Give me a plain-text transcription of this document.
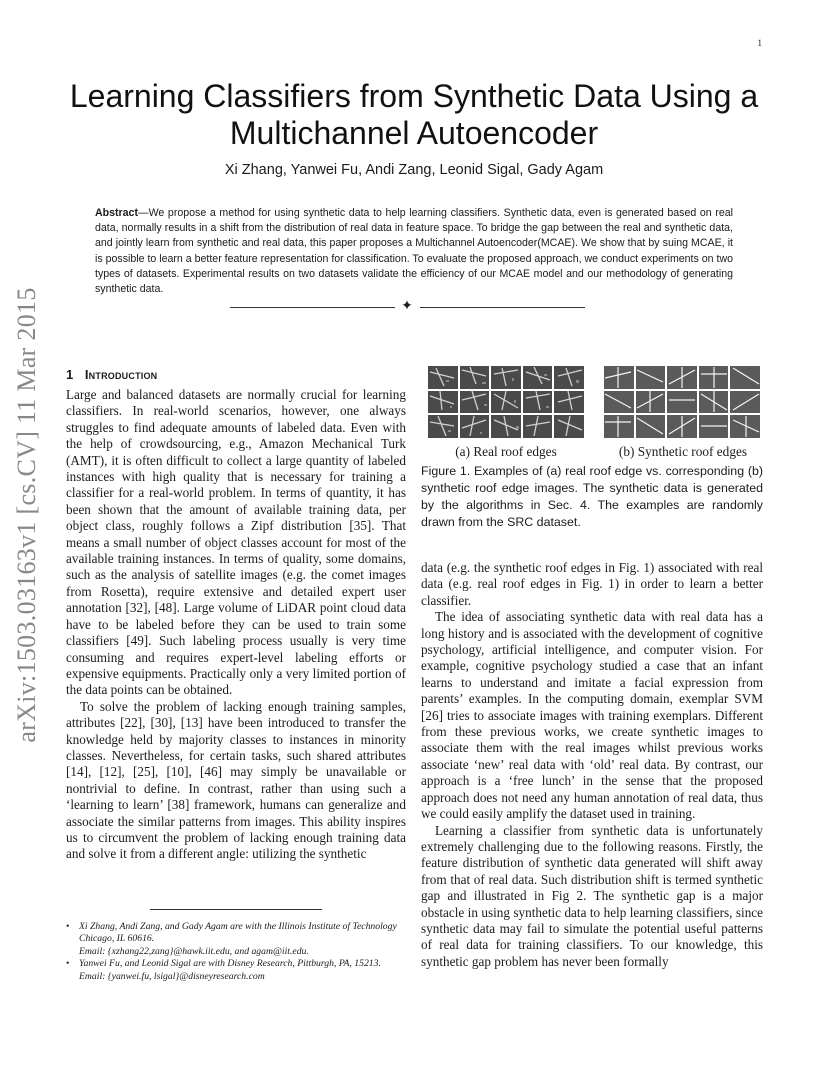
1
arXiv:1503.03163v1 [cs.CV] 11 Mar 2015
Learning Classifiers from Synthetic Data Using a
Multichannel Autoencoder
Xi Zhang, Yanwei Fu, Andi Zang, Leonid Sigal, Gady Agam
Abstract—We propose a method for using synthetic data to help learning classifiers. Synthetic data, even is generated based on real data, normally results in a shift from the distribution of real data in feature space. To bridge the gap between the real and synthetic data, and jointly learn from synthetic and real data, this paper proposes a Multichannel Autoencoder(MCAE). We show that by suing MCAE, it is possible to learn a better feature representation for classification. To evaluate the proposed approach, we conduct experiments on two types of datasets. Experimental results on two datasets validate the efficiency of our MCAE model and our methodology of generating synthetic data.
✦
1 Introduction

Large and balanced datasets are normally crucial for learning classifiers. In real-world scenarios, however, one always struggles to find adequate amounts of labeled data. Even with the help of crowdsourcing, e.g., Amazon Mechanical Turk (AMT), it is often difficult to collect a large quantity of labeled instances with high quality that is necessary for training a classifier for a real-world problem. In terms of quantity, it has been shown that the amount of available training data, per object class, roughly follows a Zipf distribution [35]. That means a small number of object classes account for most of the available training instances. In terms of quality, some domains, such as the analysis of satellite images (e.g. the comet images from Rosetta), require extensive and detailed expert user annotation [32], [48]. Large volume of LiDAR point cloud data have to be labeled before they can be used to train some classifiers [49]. Such labeling process usually is very time consuming and requires expert-level labeling efforts or expensive equipments. Practically only a very limited portion of the data points can be obtained.

To solve the problem of lacking enough training samples, attributes [22], [30], [13] have been introduced to transfer the knowledge held by majority classes to instances in minority classes. Nevertheless, for certain tasks, such shared attributes [14], [12], [25], [10], [46] may simply be unavailable or nontrivial to define. In contrast, rather than using such a ‘learning to learn’ [38] framework, humans can generalize and associate the similar patterns from images. This ability inspires us to circumvent the problem of lacking enough training data and solve it from a different angle: utilizing the synthetic

(a) Real roof edges	(b) Synthetic roof edges
Figure 1. Examples of (a) real roof edge vs. corresponding (b) synthetic roof edge images. The synthetic data is generated by the algorithms in Sec. 4. The examples are randomly drawn from the SRC dataset.

data (e.g. the synthetic roof edges in Fig. 1) associated with real data (e.g. real roof edges in Fig. 1) in order to learn a better classifier.

The idea of associating synthetic data with real data has a long history and is associated with the development of cognitive psychology, artificial intelligence, and computer vision. For example, cognitive psychology studied a case that an infant learns to understand and imitate a facial expression from parents’ examples. In the computing domain, exemplar SVM [26] tries to associate images with training exemplars. Different from these previous works, we create synthetic images to associate them with the real images whilst previous works associate ‘new’ real data with ‘old’ real data. By contrast, our approach is a ‘free lunch’ in the sense that the proposed approach does not need any human annotation of real data, thus we could easily amplify the dataset used in training.

Learning a classifier from synthetic data is unfortunately extremely challenging due to the following reasons. Firstly, the feature distribution of synthetic data generated will shift away from that of real data. Such distribution shift is termed synthetic gap and illustrated in Fig 2. The synthetic gap is a major obstacle in using synthetic data to help learning classifiers, since synthetic data may fail to simulate the potential useful patterns of real data for training classifiers. To our knowledge, this synthetic gap problem has never been formally

• Xi Zhang, Andi Zang, and Gady Agam are with the Illinois Institute of Technology Chicago, IL 60616.
Email: {xzhang22,zang}@hawk.iit.edu, and agam@iit.edu.
• Yanwei Fu, and Leonid Sigal are with Disney Research, Pittburgh, PA, 15213.
Email: {yanwei.fu, lsigal}@disneyresearch.com
